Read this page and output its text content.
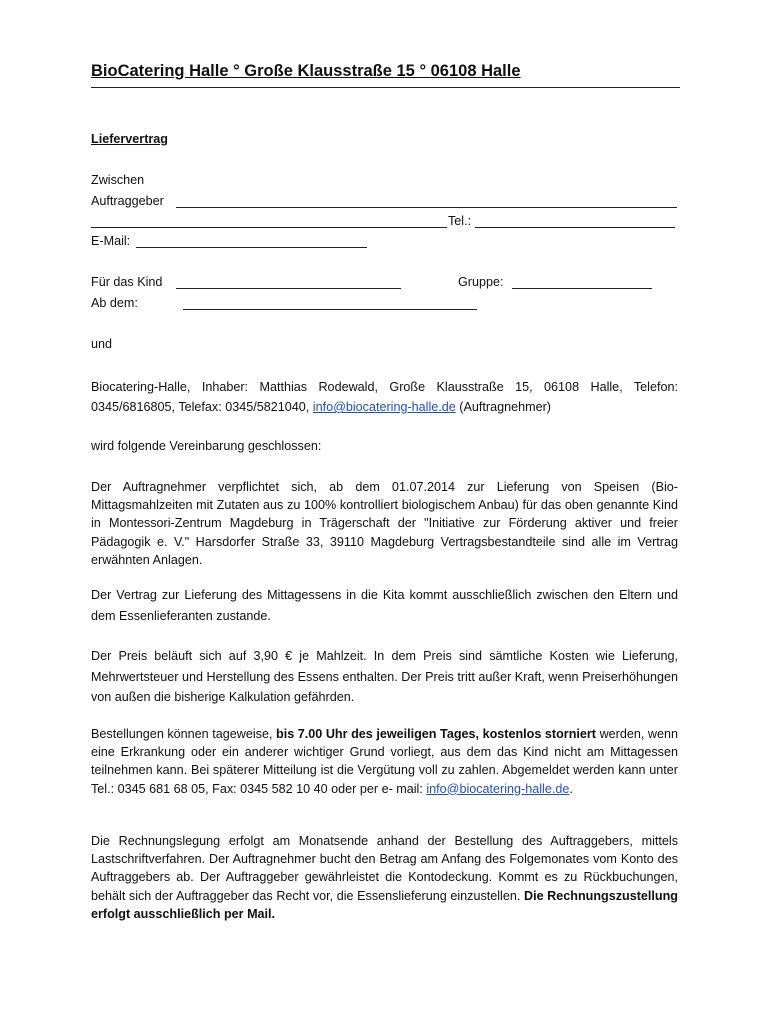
BioCatering Halle ° Große Klausstraße 15 ° 06108 Halle
Liefervertrag
Zwischen
Auftraggeber
Tel.:
E-Mail:
Für das Kind	Gruppe:
Ab dem:
und
Biocatering-Halle, Inhaber: Matthias Rodewald, Große Klausstraße 15, 06108 Halle, Telefon: 0345/6816805, Telefax: 0345/5821040, info@biocatering-halle.de (Auftragnehmer)
wird folgende Vereinbarung geschlossen:
Der Auftragnehmer verpflichtet sich, ab dem 01.07.2014 zur Lieferung von Speisen (Bio-Mittagsmahlzeiten mit Zutaten aus zu 100% kontrolliert biologischem Anbau) für das oben genannte Kind in Montessori-Zentrum Magdeburg in Trägerschaft der "Initiative zur Förderung aktiver und freier Pädagogik e. V." Harsdorfer Straße 33, 39110 Magdeburg Vertragsbestandteile sind alle im Vertrag erwähnten Anlagen.
Der Vertrag zur Lieferung des Mittagessens in die Kita kommt ausschließlich zwischen den Eltern und dem Essenlieferanten zustande.
Der Preis beläuft sich auf 3,90 € je Mahlzeit. In dem Preis sind sämtliche Kosten wie Lieferung, Mehrwertsteuer und Herstellung des Essens enthalten. Der Preis tritt außer Kraft, wenn Preiserhöhungen von außen die bisherige Kalkulation gefährden.
Bestellungen können tageweise, bis 7.00 Uhr des jeweiligen Tages, kostenlos storniert werden, wenn eine Erkrankung oder ein anderer wichtiger Grund vorliegt, aus dem das Kind nicht am Mittagessen teilnehmen kann. Bei späterer Mitteilung ist die Vergütung voll zu zahlen. Abgemeldet werden kann unter Tel.: 0345 681 68 05, Fax: 0345 582 10 40 oder per e- mail: info@biocatering-halle.de.
Die Rechnungslegung erfolgt am Monatsende anhand der Bestellung des Auftraggebers, mittels Lastschriftverfahren. Der Auftragnehmer bucht den Betrag am Anfang des Folgemonates vom Konto des Auftraggebers ab. Der Auftraggeber gewährleistet die Kontodeckung. Kommt es zu Rückbuchungen, behält sich der Auftraggeber das Recht vor, die Essenslieferung einzustellen. Die Rechnungszustellung erfolgt ausschließlich per Mail.
